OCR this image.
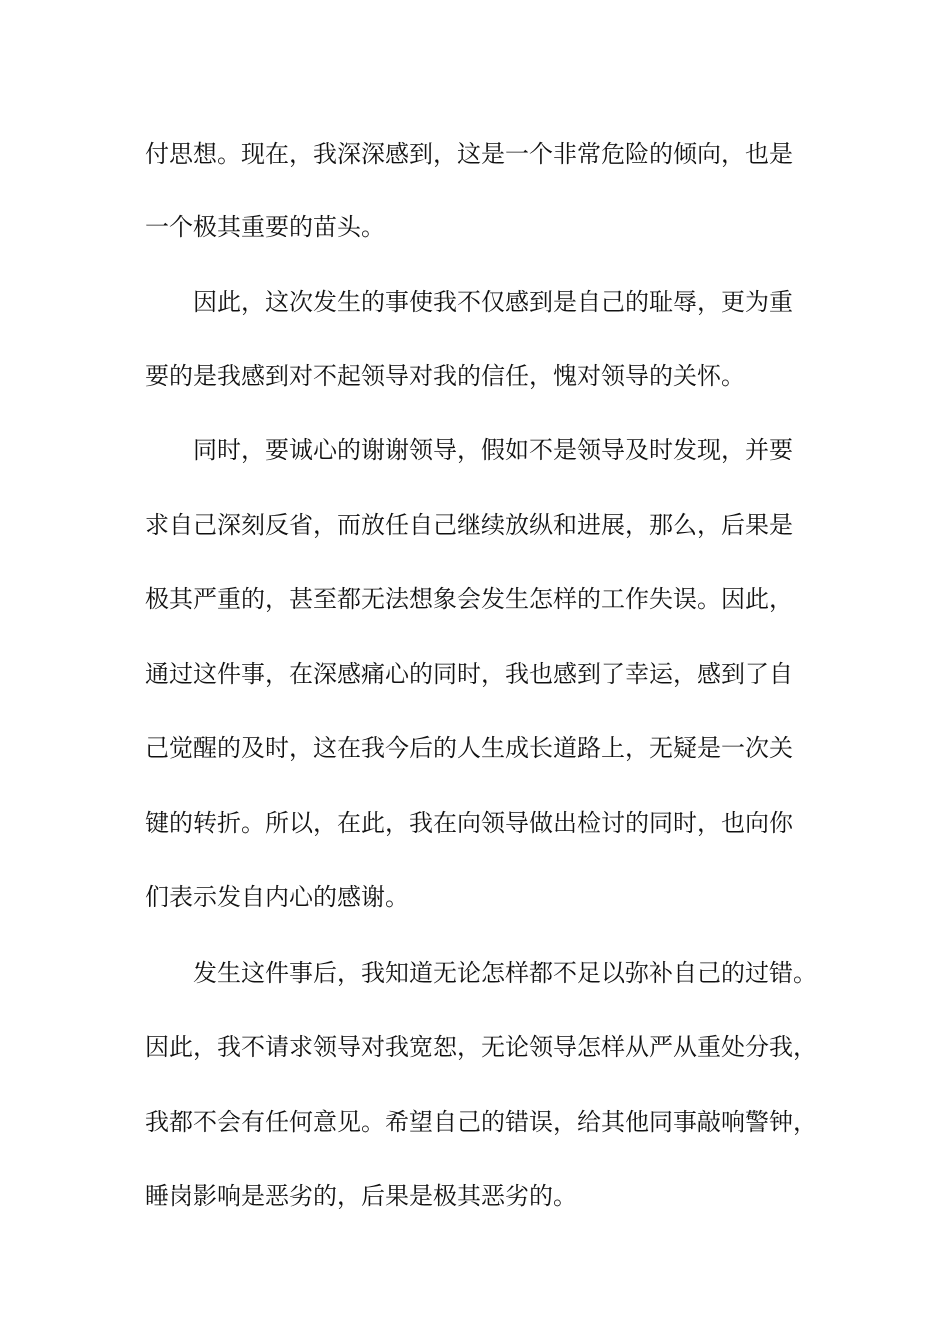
付思想。现在，我深深感到，这是一个非常危险的倾向，也是
一个极其重要的苗头。
因此，这次发生的事使我不仅感到是自己的耻辱，更为重
要的是我感到对不起领导对我的信任，愧对领导的关怀。
同时，要诚心的谢谢领导，假如不是领导及时发现，并要
求自己深刻反省，而放任自己继续放纵和进展，那么，后果是
极其严重的，甚至都无法想象会发生怎样的工作失误。因此，
通过这件事，在深感痛心的同时，我也感到了幸运，感到了自
己觉醒的及时，这在我今后的人生成长道路上，无疑是一次关
键的转折。所以，在此，我在向领导做出检讨的同时，也向你
们表示发自内心的感谢。
发生这件事后，我知道无论怎样都不足以弥补自己的过错。
因此，我不请求领导对我宽恕，无论领导怎样从严从重处分我，
我都不会有任何意见。希望自己的错误，给其他同事敲响警钟，
睡岗影响是恶劣的，后果是极其恶劣的。
